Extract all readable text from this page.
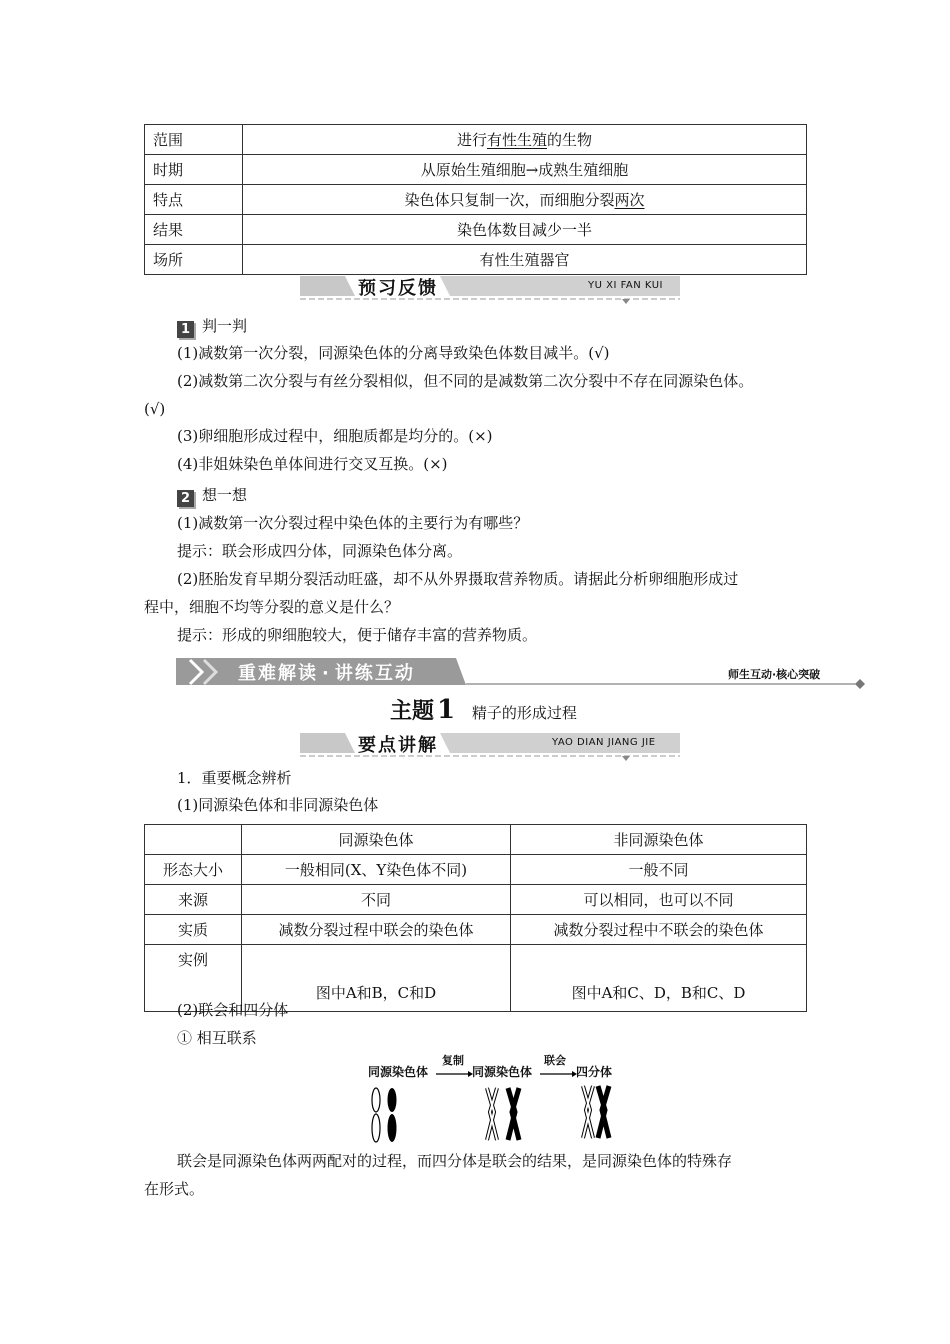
范围	进行有性生殖的生物
时期	从原始生殖细胞→成熟生殖细胞
特点	染色体只复制一次，而细胞分裂两次
结果	染色体数目减少一半
场所	有性生殖器官
预习反馈	YU XI FAN KUI

1 判一判

(1)减数第一次分裂，同源染色体的分离导致染色体数目减半。(√)

(2)减数第二次分裂与有丝分裂相似，但不同的是减数第二次分裂中不存在同源染色体。

(√)

(3)卵细胞形成过程中，细胞质都是均分的。(×)

(4)非姐妹染色单体间进行交叉互换。(×)

2 想一想

(1)减数第一次分裂过程中染色体的主要行为有哪些？

提示：联会形成四分体，同源染色体分离。

(2)胚胎发育早期分裂活动旺盛，却不从外界摄取营养物质。请据此分析卵细胞形成过

程中，细胞不均等分裂的意义是什么？

提示：形成的卵细胞较大，便于储存丰富的营养物质。

重难解读 · 讲练互动	师生互动·核心突破
主题 1 精子的形成过程
要点讲解	YAO DIAN JIANG JIE

1．重要概念辨析

(1)同源染色体和非同源染色体

	同源染色体	非同源染色体
形态大小	一般相同(X、Y染色体不同)	一般不同
来源	不同	可以相同，也可以不同
实质	减数分裂过程中联会的染色体	减数分裂过程中不联会的染色体
实例	图中A和B，C和D	图中A和C、D，B和C、D

(2)联会和四分体

① 相互联系

同源染色体
复制
同源染色体
联会
四分体

联会是同源染色体两两配对的过程，而四分体是联会的结果，是同源染色体的特殊存

在形式。
